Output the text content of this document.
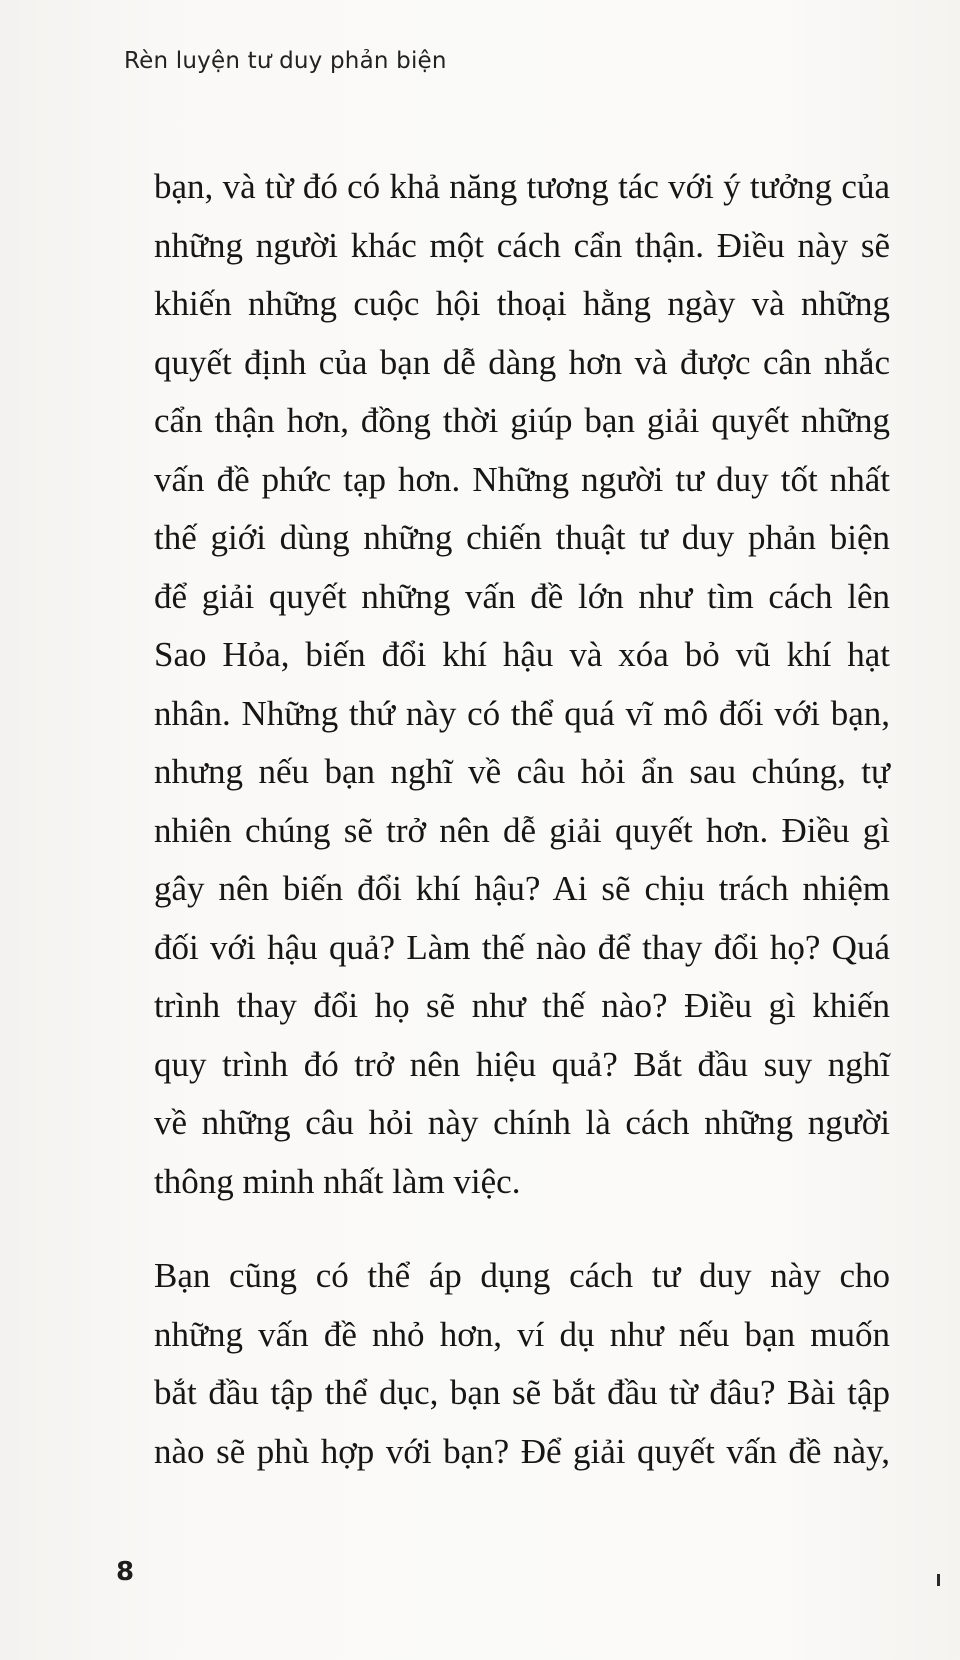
Rèn luyện tư duy phản biện

bạn, và từ đó có khả năng tương tác với ý tưởng của
những người khác một cách cẩn thận. Điều này sẽ
khiến những cuộc hội thoại hằng ngày và những
quyết định của bạn dễ dàng hơn và được cân nhắc
cẩn thận hơn, đồng thời giúp bạn giải quyết những
vấn đề phức tạp hơn. Những người tư duy tốt nhất
thế giới dùng những chiến thuật tư duy phản biện
để giải quyết những vấn đề lớn như tìm cách lên
Sao Hỏa, biến đổi khí hậu và xóa bỏ vũ khí hạt
nhân. Những thứ này có thể quá vĩ mô đối với bạn,
nhưng nếu bạn nghĩ về câu hỏi ẩn sau chúng, tự
nhiên chúng sẽ trở nên dễ giải quyết hơn. Điều gì
gây nên biến đổi khí hậu? Ai sẽ chịu trách nhiệm
đối với hậu quả? Làm thế nào để thay đổi họ? Quá
trình thay đổi họ sẽ như thế nào? Điều gì khiến
quy trình đó trở nên hiệu quả? Bắt đầu suy nghĩ
về những câu hỏi này chính là cách những người
thông minh nhất làm việc.

Bạn cũng có thể áp dụng cách tư duy này cho
những vấn đề nhỏ hơn, ví dụ như nếu bạn muốn
bắt đầu tập thể dục, bạn sẽ bắt đầu từ đâu? Bài tập
nào sẽ phù hợp với bạn? Để giải quyết vấn đề này,

8
